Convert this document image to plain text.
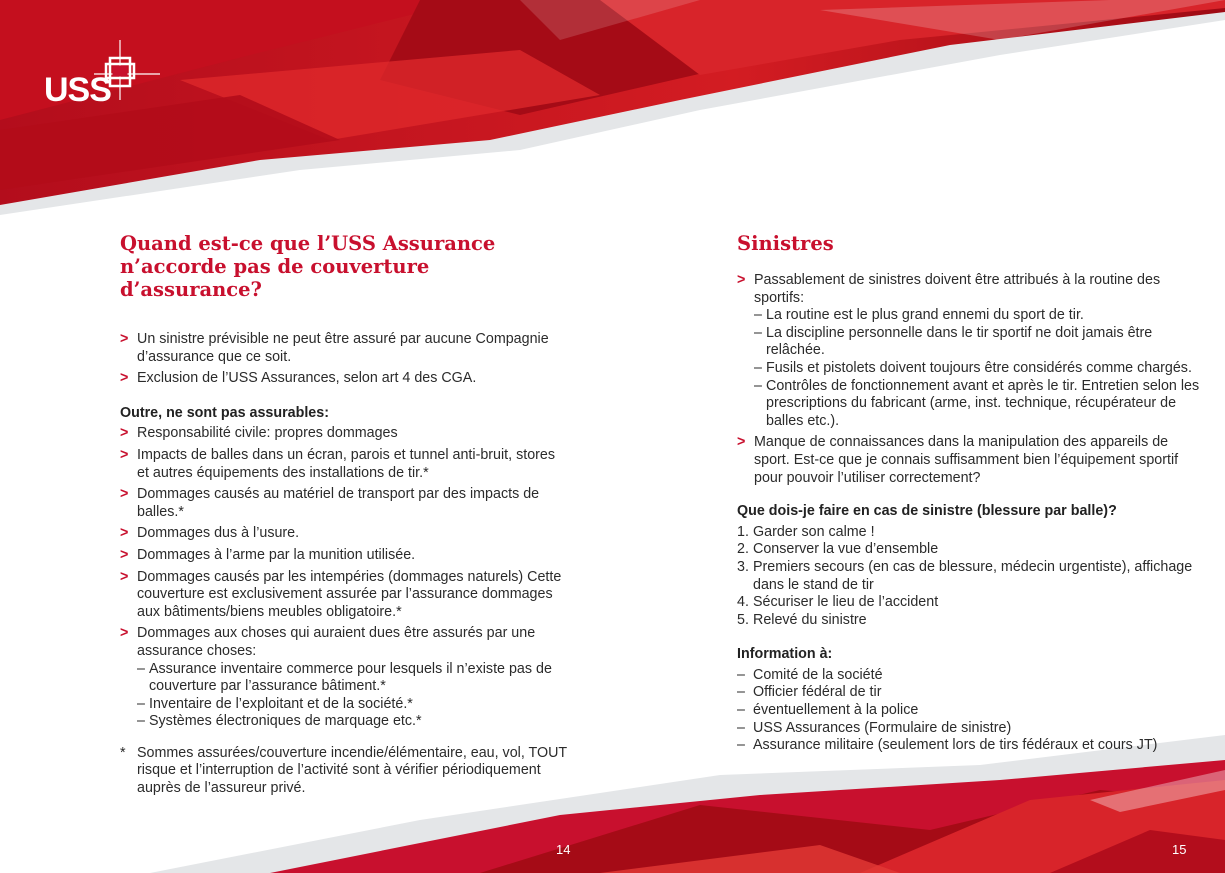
USS
Quand est-ce que l’USS Assurance
n’accorde pas de couverture d’assurance?
> Un sinistre prévisible ne peut être assuré par aucune Compagnie d’assurance que ce soit.
> Exclusion de l’USS Assurances, selon art 4 des CGA.

Outre, ne sont pas assurables:

> Responsabilité civile: propres dommages
> Impacts de balles dans un écran, parois et tunnel anti-bruit, stores et autres équipements des installations de tir.*
> Dommages causés au matériel de transport par des impacts de balles.*
> Dommages dus à l’usure.
> Dommages à l’arme par la munition utilisée.
> Dommages causés par les intempéries (dommages naturels) Cette couverture est exclusivement assurée par l’assurance dommages aux bâtiments/biens meubles obligatoire.*
> Dommages aux choses qui auraient dues être assurés par une assurance choses:
– Assurance inventaire commerce pour lesquels il n’existe pas de couverture par l’assurance bâtiment.*
– Inventaire de l’exploitant et de la société.*
– Systèmes électroniques de marquage etc.*
* Sommes assurées/couverture incendie/élémentaire, eau, vol, TOUT risque et l’interruption de l’activité sont à vérifier périodiquement auprès de l’assureur privé.
Sinistres
> Passablement de sinistres doivent être attribués à la routine des sportifs:
– La routine est le plus grand ennemi du sport de tir.
– La discipline personnelle dans le tir sportif ne doit jamais être relâchée.
– Fusils et pistolets doivent toujours être considérés comme chargés.
– Contrôles de fonctionnement avant et après le tir. Entretien selon les prescriptions du fabricant (arme, inst. technique, récupérateur de balles etc.).
> Manque de connaissances dans la manipulation des appareils de sport. Est-ce que je connais suffisamment bien l’équipement sportif pour pouvoir l’utiliser correctement?

Que dois-je faire en cas de sinistre (blessure par balle)?

1. Garder son calme !
2. Conserver la vue d’ensemble
3. Premiers secours (en cas de blessure, médecin urgentiste), affichage dans le stand de tir
4. Sécuriser le lieu de l’accident
5. Relevé du sinistre

Information à:

– Comité de la société
– Officier fédéral de tir
– éventuellement à la police
– USS Assurances (Formulaire de sinistre)
– Assurance militaire (seulement lors de tirs fédéraux et cours JT)
14	15
